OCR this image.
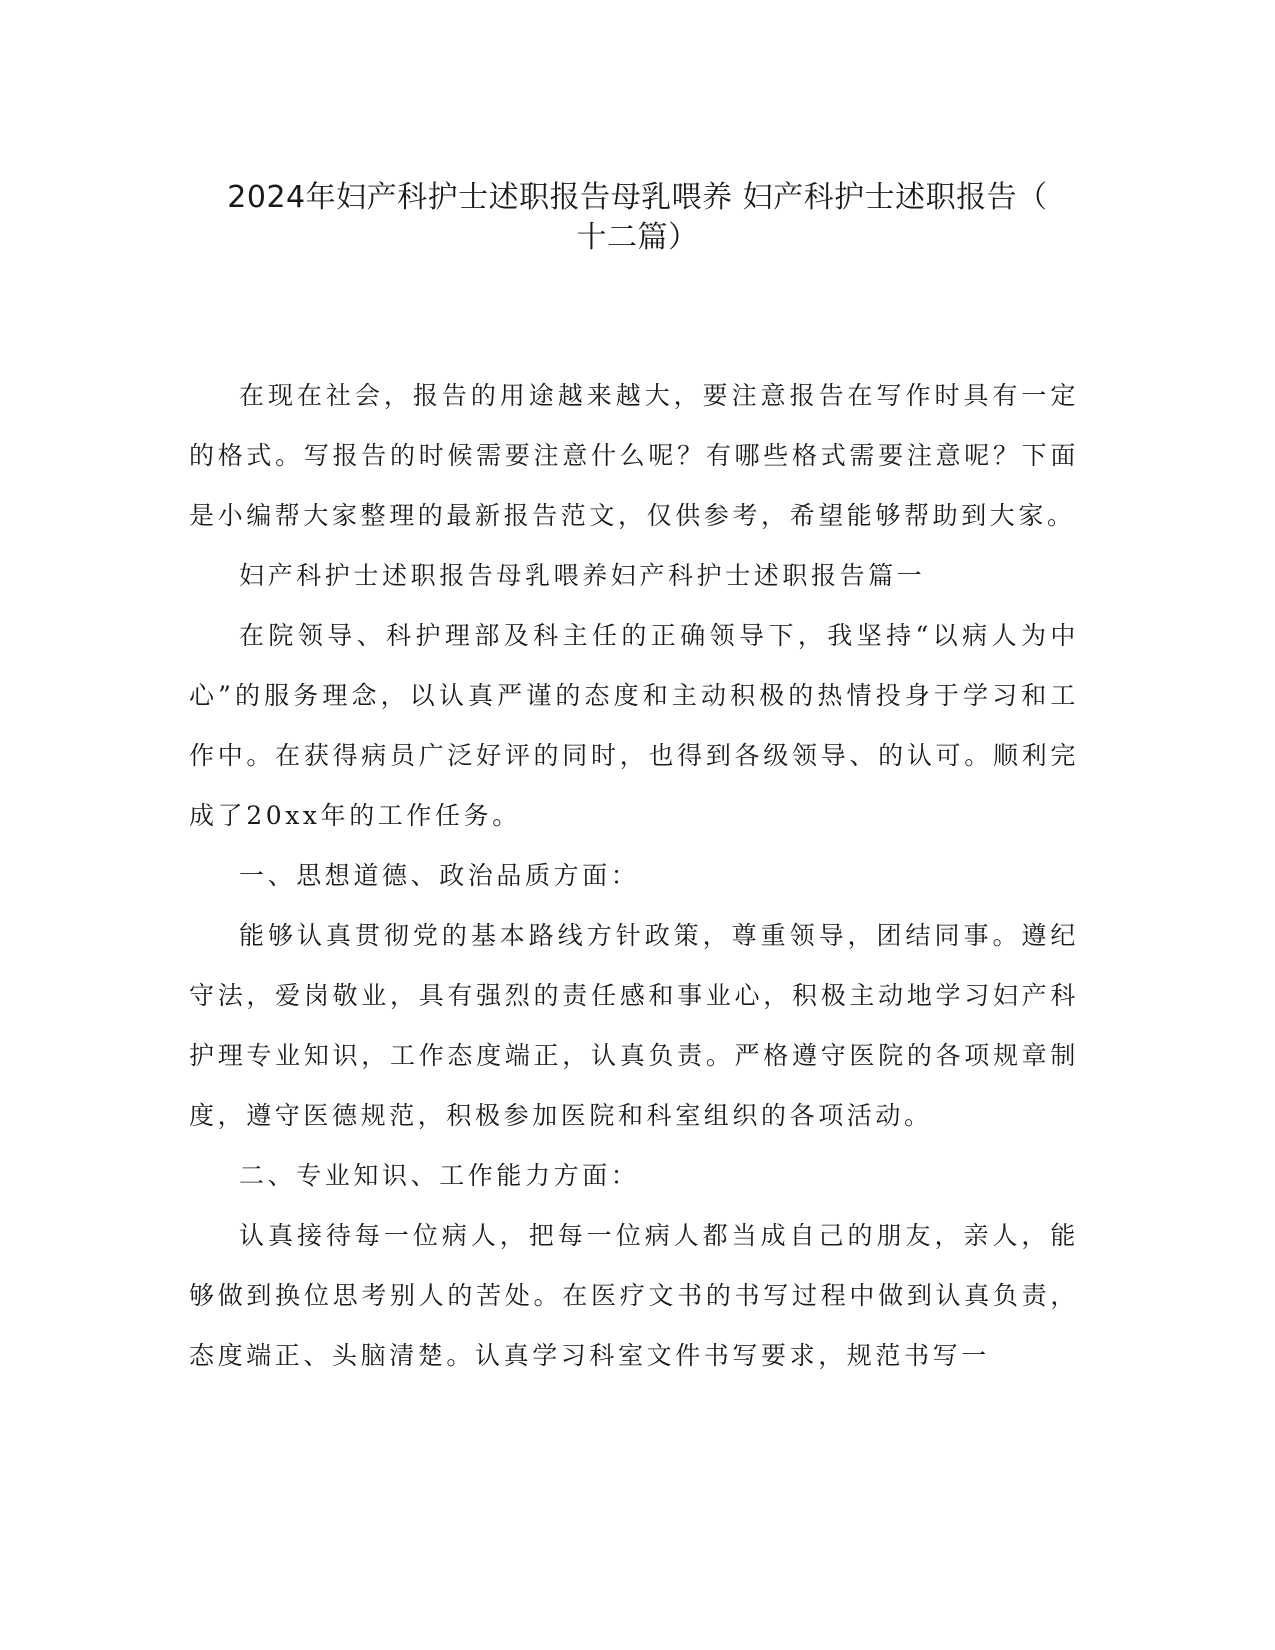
2024年妇产科护士述职报告母乳喂养 妇产科护士述职报告（
十二篇）

在现在社会，报告的用途越来越大，要注意报告在写作时具有一定的格式。写报告的时候需要注意什么呢？有哪些格式需要注意呢？下面是小编帮大家整理的最新报告范文，仅供参考，希望能够帮助到大家。

妇产科护士述职报告母乳喂养妇产科护士述职报告篇一

在院领导、科护理部及科主任的正确领导下，我坚持“以病人为中心”的服务理念，以认真严谨的态度和主动积极的热情投身于学习和工作中。在获得病员广泛好评的同时，也得到各级领导、的认可。顺利完成了20xx年的工作任务。

一、思想道德、政治品质方面：

能够认真贯彻党的基本路线方针政策，尊重领导，团结同事。遵纪守法，爱岗敬业，具有强烈的责任感和事业心，积极主动地学习妇产科护理专业知识，工作态度端正，认真负责。严格遵守医院的各项规章制度，遵守医德规范，积极参加医院和科室组织的各项活动。

二、专业知识、工作能力方面：

认真接待每一位病人，把每一位病人都当成自己的朋友，亲人，能够做到换位思考别人的苦处。在医疗文书的书写过程中做到认真负责，态度端正、头脑清楚。认真学习科室文件书写要求，规范书写一
